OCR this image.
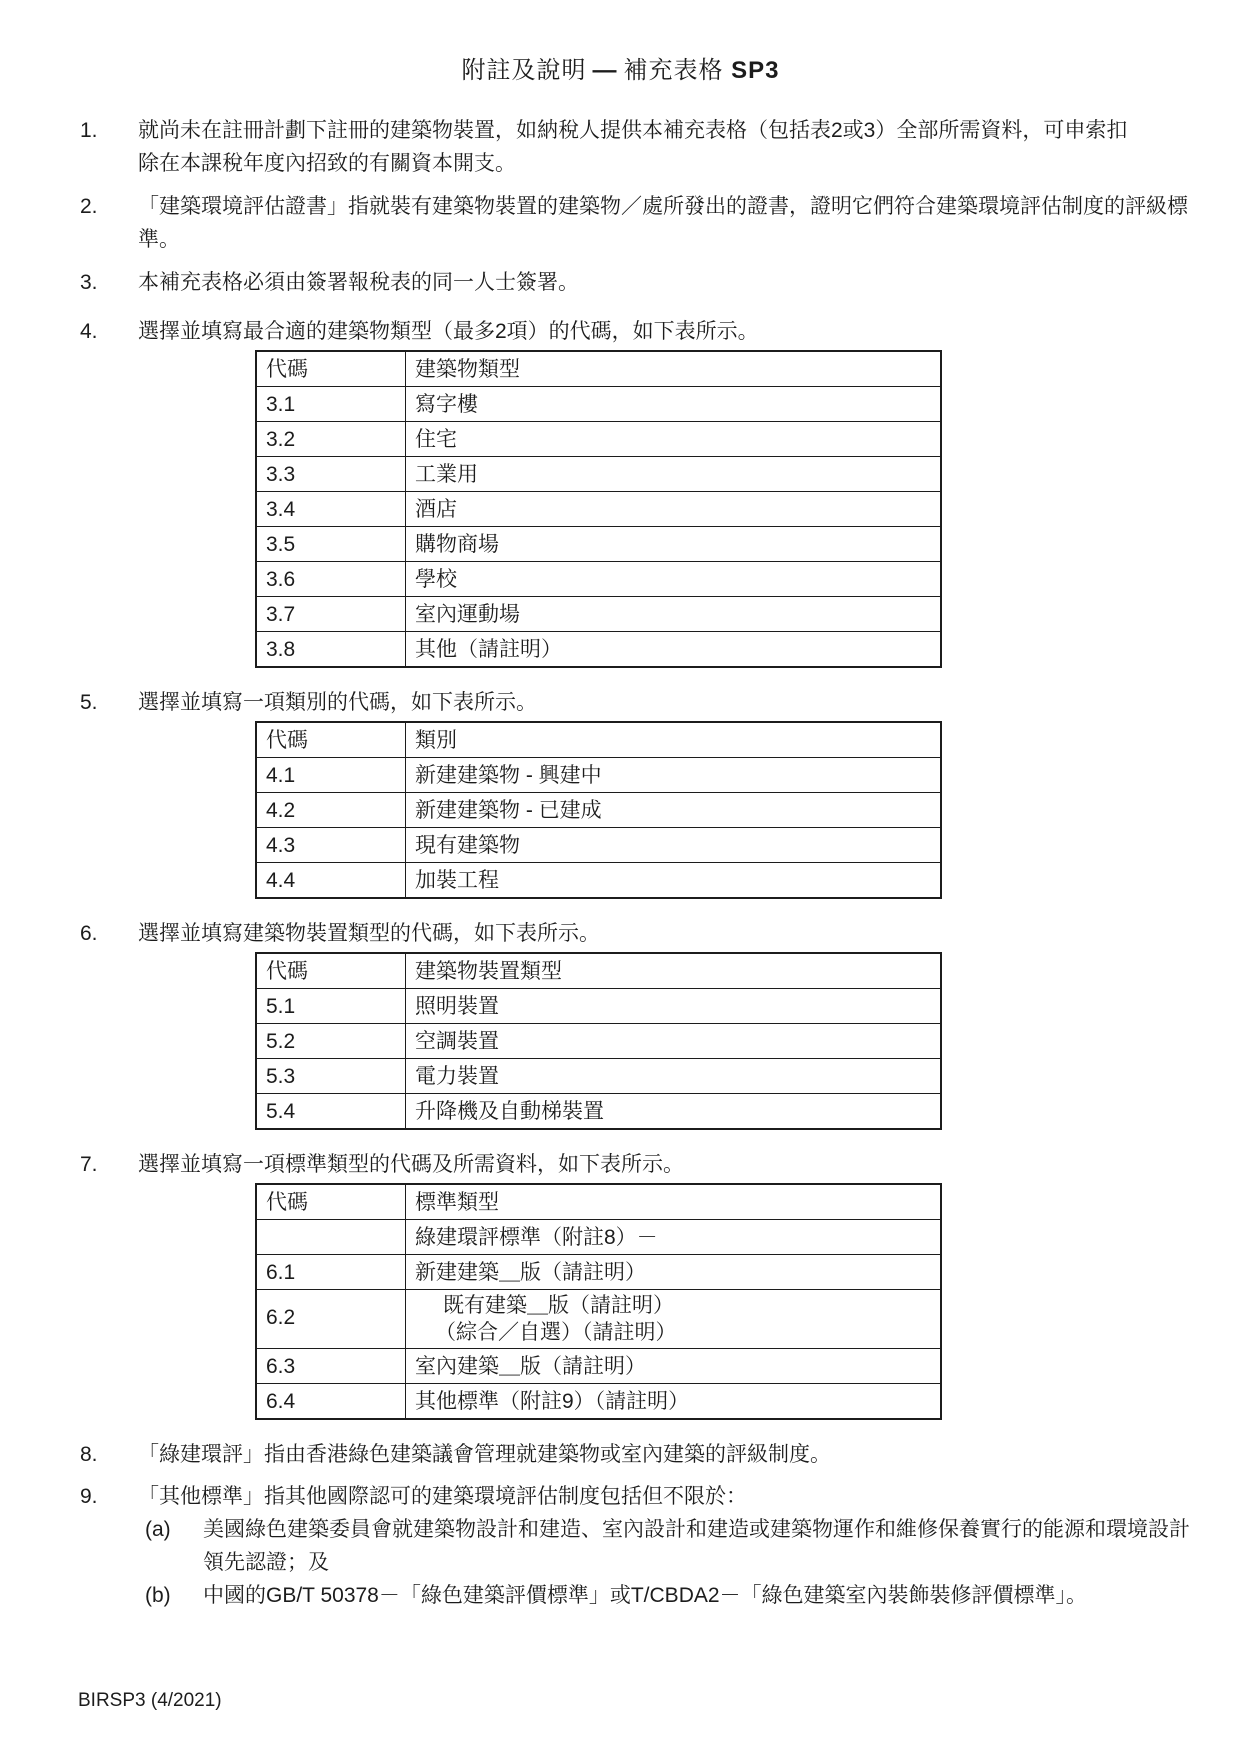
附註及說明 — 補充表格 SP3
1.	就尚未在註冊計劃下註冊的建築物裝置，如納稅人提供本補充表格（包括表2或3）全部所需資料，可申索扣
除在本課稅年度內招致的有關資本開支。
2.	「建築環境評估證書」指就裝有建築物裝置的建築物／處所發出的證書，證明它們符合建築環境評估制度的評級標
準。
3.	本補充表格必須由簽署報稅表的同一人士簽署。
4.	選擇並填寫最合適的建築物類型（最多2項）的代碼，如下表所示。
代碼	建築物類型
3.1	寫字樓
3.2	住宅
3.3	工業用
3.4	酒店
3.5	購物商場
3.6	學校
3.7	室內運動場
3.8	其他（請註明）
5.	選擇並填寫一項類別的代碼，如下表所示。
代碼	類別
4.1	新建建築物 - 興建中
4.2	新建建築物 - 已建成
4.3	現有建築物
4.4	加裝工程
6.	選擇並填寫建築物裝置類型的代碼，如下表所示。
代碼	建築物裝置類型
5.1	照明裝置
5.2	空調裝置
5.3	電力裝置
5.4	升降機及自動梯裝置
7.	選擇並填寫一項標準類型的代碼及所需資料，如下表所示。
代碼	標準類型
	綠建環評標準（附註8）－
6.1	新建建築＿版（請註明）
6.2	既有建築＿版（請註明）
（綜合／自選）（請註明）

6.3	室內建築＿版（請註明）
6.4	其他標準（附註9）（請註明）
8.	「綠建環評」指由香港綠色建築議會管理就建築物或室內建築的評級制度。
9.	「其他標準」指其他國際認可的建築環境評估制度包括但不限於：
(a)	美國綠色建築委員會就建築物設計和建造、室內設計和建造或建築物運作和維修保養實行的能源和環境設計
領先認證；及
(b)	中國的GB/T 50378－「綠色建築評價標準」或T/CBDA2－「綠色建築室內裝飾裝修評價標準」。
BIRSP3 (4/2021)
